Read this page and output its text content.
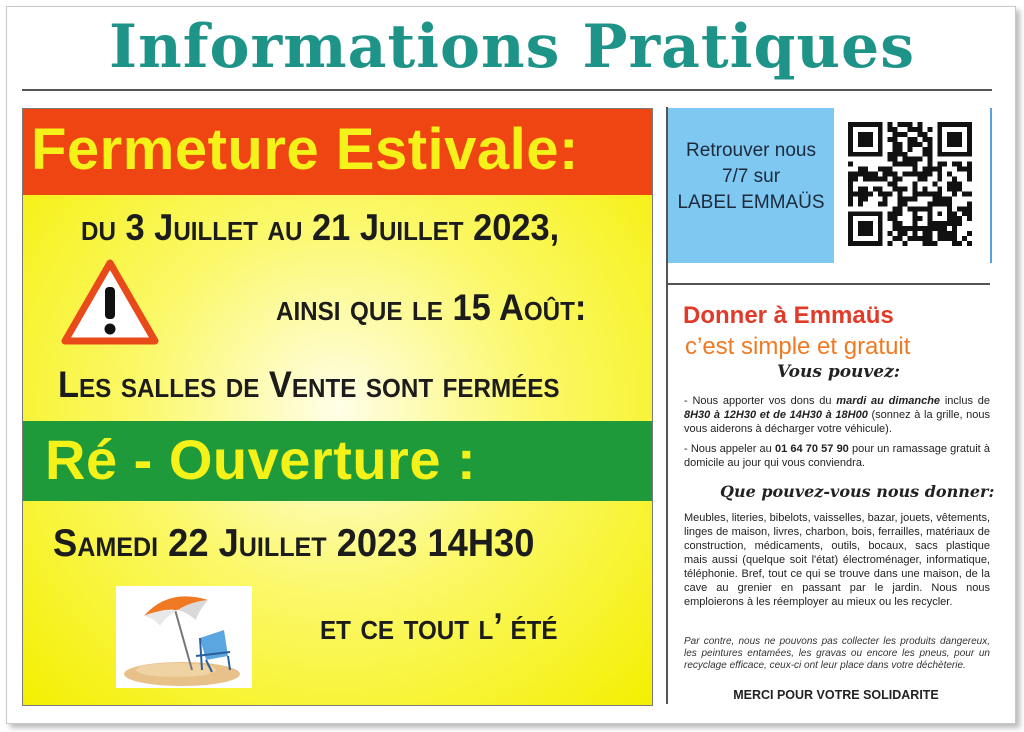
Informations Pratiques
Fermeture Estivale:
du 3 Juillet au 21 Juillet 2023,
ainsi que le 15 Août:
Les salles de Vente sont fermées
Ré - Ouverture :
Samedi 22 Juillet 2023 14H30
et ce tout l’ été
Retrouver nous
7/7 sur
LABEL EMMAÜS
Donner à Emmaüs
c’est simple et gratuit
Vous pouvez:
- Nous apporter vos dons du mardi au dimanche inclus de 8H30 à 12H30 et de 14H30 à 18H00 (sonnez à la grille, nous vous aiderons à décharger votre véhicule).
- Nous appeler au 01 64 70 57 90 pour un ramassage gratuit à domicile au jour qui vous conviendra.
Que pouvez-vous nous donner:
Meubles, literies, bibelots, vaisselles, bazar, jouets, vêtements, linges de maison, livres, charbon, bois, ferrailles, matériaux de construction, médicaments, outils, bocaux, sacs plastique mais aussi (quelque soit l'état) électroménager, informatique, téléphonie. Bref, tout ce qui se trouve dans une maison, de la cave au grenier en passant par le jardin. Nous nous emploierons à les réemployer au mieux ou les recycler.
Par contre, nous ne pouvons pas collecter les produits dangereux, les peintures entamées, les gravas ou encore les pneus, pour un recyclage efficace, ceux-ci ont leur place dans votre déchèterie.
MERCI POUR VOTRE SOLIDARITE
